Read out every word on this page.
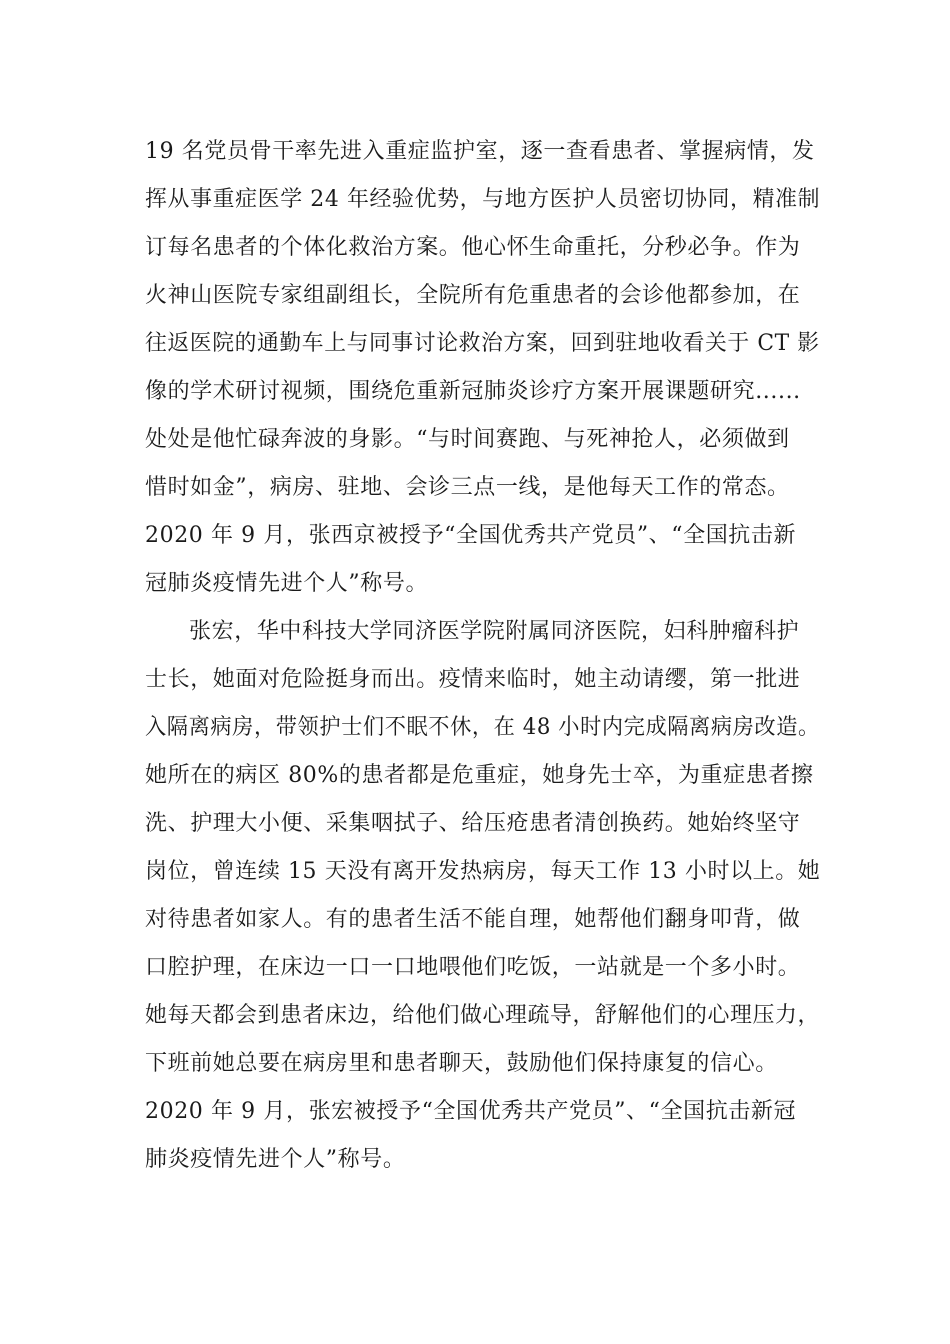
19 名党员骨干率先进入重症监护室，逐一查看患者、掌握病情，发
挥从事重症医学 24 年经验优势，与地方医护人员密切协同，精准制
订每名患者的个体化救治方案。他心怀生命重托，分秒必争。作为
火神山医院专家组副组长，全院所有危重患者的会诊他都参加，在
往返医院的通勤车上与同事讨论救治方案，回到驻地收看关于 CT 影
像的学术研讨视频，围绕危重新冠肺炎诊疗方案开展课题研究......
处处是他忙碌奔波的身影。“与时间赛跑、与死神抢人，必须做到
惜时如金”，病房、驻地、会诊三点一线，是他每天工作的常态。
2020 年 9 月，张西京被授予“全国优秀共产党员”、“全国抗击新
冠肺炎疫情先进个人”称号。
张宏，华中科技大学同济医学院附属同济医院，妇科肿瘤科护
士长，她面对危险挺身而出。疫情来临时，她主动请缨，第一批进
入隔离病房，带领护士们不眠不休，在 48 小时内完成隔离病房改造。
她所在的病区 80%的患者都是危重症，她身先士卒，为重症患者擦
洗、护理大小便、采集咽拭子、给压疮患者清创换药。她始终坚守
岗位，曾连续 15 天没有离开发热病房，每天工作 13 小时以上。她
对待患者如家人。有的患者生活不能自理，她帮他们翻身叩背，做
口腔护理，在床边一口一口地喂他们吃饭，一站就是一个多小时。
她每天都会到患者床边，给他们做心理疏导，舒解他们的心理压力，
下班前她总要在病房里和患者聊天，鼓励他们保持康复的信心。
2020 年 9 月，张宏被授予“全国优秀共产党员”、“全国抗击新冠
肺炎疫情先进个人”称号。
